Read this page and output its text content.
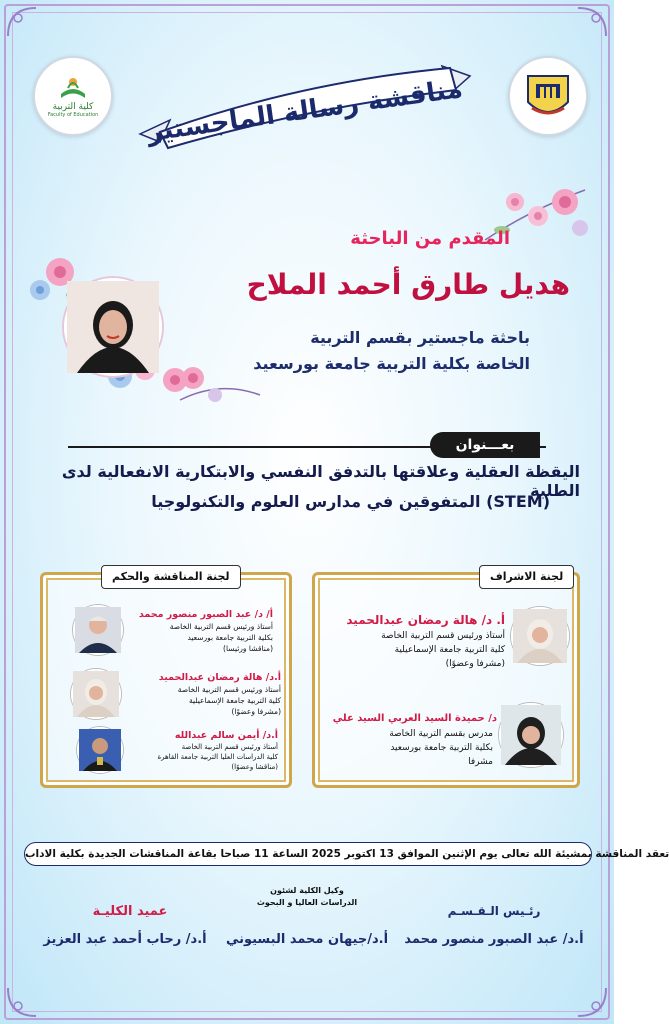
كلية التربية
Faculty of Education	مناقشة رسالة الماجستير
المقدم من الباحثة
هديل طارق أحمد الملاح
باحثة ماجستير بقسم التربية
الخاصة بكلية التربية جامعة بورسعيد
بعـــنوان
اليقظة العقلية وعلاقتها بالتدفق النفسي والابتكارية الانفعالية لدى الطلبة
المتفوقين في مدارس العلوم والتكنولوجيا (STEM)
لجنة المناقشة والحكم
أ/ د/ عبد الصبور منصور محمد
أستاذ ورئيس قسم التربية الخاصة
بكلية التربية جامعة بورسعيد
(مناقشا ورئيسا)
أ.د/ هالة رمضان عبدالحميد
أستاذ ورئيس قسم التربية الخاصة
كلية التربية جامعة الإسماعيلية
(مشرفا وعضوًا)
أ.د/ أيمن سالم عبدالله
أستاذ ورئيس قسم التربية الخاصة
كلية الدراسات العليا التربية جامعة القاهرة
(مناقشا وعضوًا)
لجنة الاشراف
أ. د/ هالة رمضان عبدالحميد
أستاذ ورئيس قسم التربية الخاصة
كلية التربية جامعة الإسماعيلية
(مشرفا وعضوًا)
د/ حميدة السيد العربي السيد علي
مدرس بقسم التربية الخاصة
بكلية التربية جامعة بورسعيد
مشرفا
تعقد المناقشة بمشيئة الله تعالى يوم الإثنين الموافق 13 اكتوبر 2025 الساعة 11 صباحا بقاعة المناقشات الجديدة بكلية الاداب
رئـيس الـقـسـم
أ.د/ عبد الصبور منصور محمد
وكيل الكلية لشئون
الدراسات العاليا و البحوث
أ.د/جيهان محمد البسيوني
عميد الكليـة
أ.د/ رحاب أحمد عبد العزيز
